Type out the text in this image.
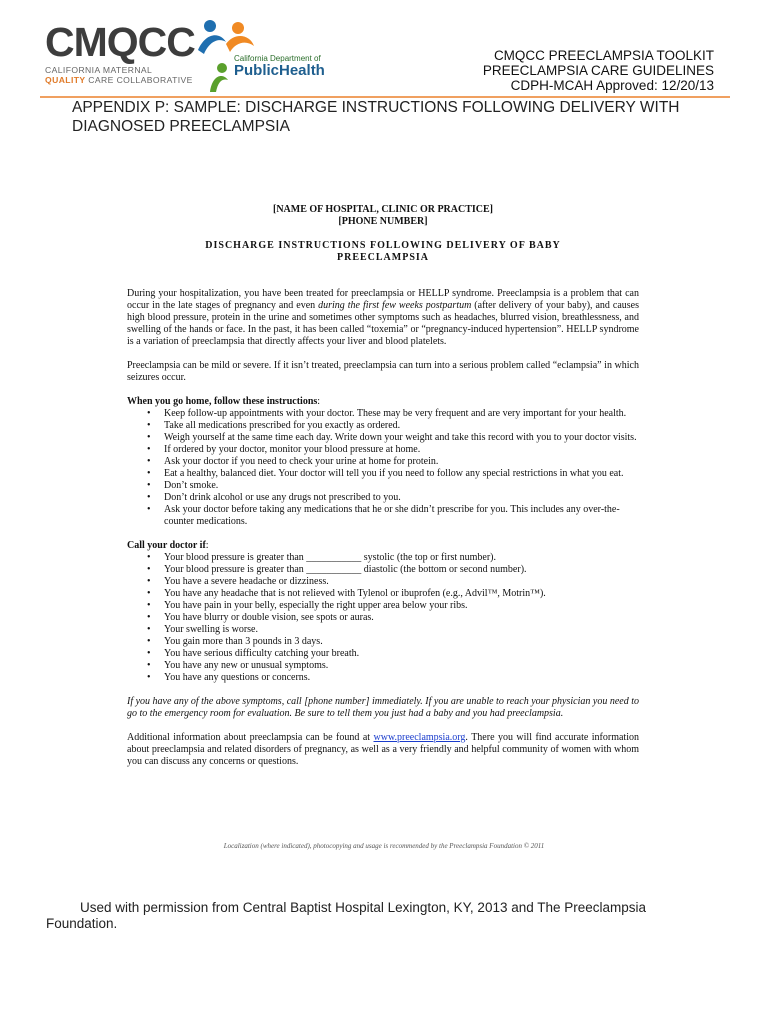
CMQCC
CALIFORNIA MATERNAL
QUALITY CARE COLLABORATIVE
California Department of
PublicHealth
CMQCC PREECLAMPSIA TOOLKIT
PREECLAMPSIA CARE GUIDELINES
CDPH-MCAH Approved: 12/20/13
APPENDIX P: SAMPLE: DISCHARGE INSTRUCTIONS FOLLOWING DELIVERY WITH DIAGNOSED PREECLAMPSIA
[NAME OF HOSPITAL, CLINIC OR PRACTICE]
[PHONE NUMBER]
DISCHARGE INSTRUCTIONS FOLLOWING DELIVERY OF BABY
PREECLAMPSIA

During your hospitalization, you have been treated for preeclampsia or HELLP syndrome. Preeclampsia is a problem that can occur in the late stages of pregnancy and even during the first few weeks postpartum (after delivery of your baby), and causes high blood pressure, protein in the urine and sometimes other symptoms such as headaches, blurred vision, breathlessness, and swelling of the hands or face. In the past, it has been called “toxemia” or “pregnancy-induced hypertension”. HELLP syndrome is a variation of preeclampsia that directly affects your liver and blood platelets.

Preeclampsia can be mild or severe. If it isn’t treated, preeclampsia can turn into a serious problem called “eclampsia” in which seizures occur.

When you go home, follow these instructions:
• Keep follow-up appointments with your doctor. These may be very frequent and are very important for your health.
• Take all medications prescribed for you exactly as ordered.
• Weigh yourself at the same time each day. Write down your weight and take this record with you to your doctor visits.
• If ordered by your doctor, monitor your blood pressure at home.
• Ask your doctor if you need to check your urine at home for protein.
• Eat a healthy, balanced diet. Your doctor will tell you if you need to follow any special restrictions in what you eat.
• Don’t smoke.
• Don’t drink alcohol or use any drugs not prescribed to you.
• Ask your doctor before taking any medications that he or she didn’t prescribe for you. This includes any over-the-counter medications.
Call your doctor if:
• Your blood pressure is greater than ___________ systolic (the top or first number).
• Your blood pressure is greater than ___________ diastolic (the bottom or second number).
• You have a severe headache or dizziness.
• You have any headache that is not relieved with Tylenol or ibuprofen (e.g., Advil™, Motrin™).
• You have pain in your belly, especially the right upper area below your ribs.
• You have blurry or double vision, see spots or auras.
• Your swelling is worse.
• You gain more than 3 pounds in 3 days.
• You have serious difficulty catching your breath.
• You have any new or unusual symptoms.
• You have any questions or concerns.

If you have any of the above symptoms, call [phone number] immediately. If you are unable to reach your physician you need to go to the emergency room for evaluation. Be sure to tell them you just had a baby and you had preeclampsia.

Additional information about preeclampsia can be found at www.preeclampsia.org. There you will find accurate information about preeclampsia and related disorders of pregnancy, as well as a very friendly and helpful community of women with whom you can discuss any concerns or questions.

Localization (where indicated), photocopying and usage is recommended by the Preeclampsia Foundation © 2011
Used with permission from Central Baptist Hospital Lexington, KY, 2013 and The Preeclampsia Foundation.
